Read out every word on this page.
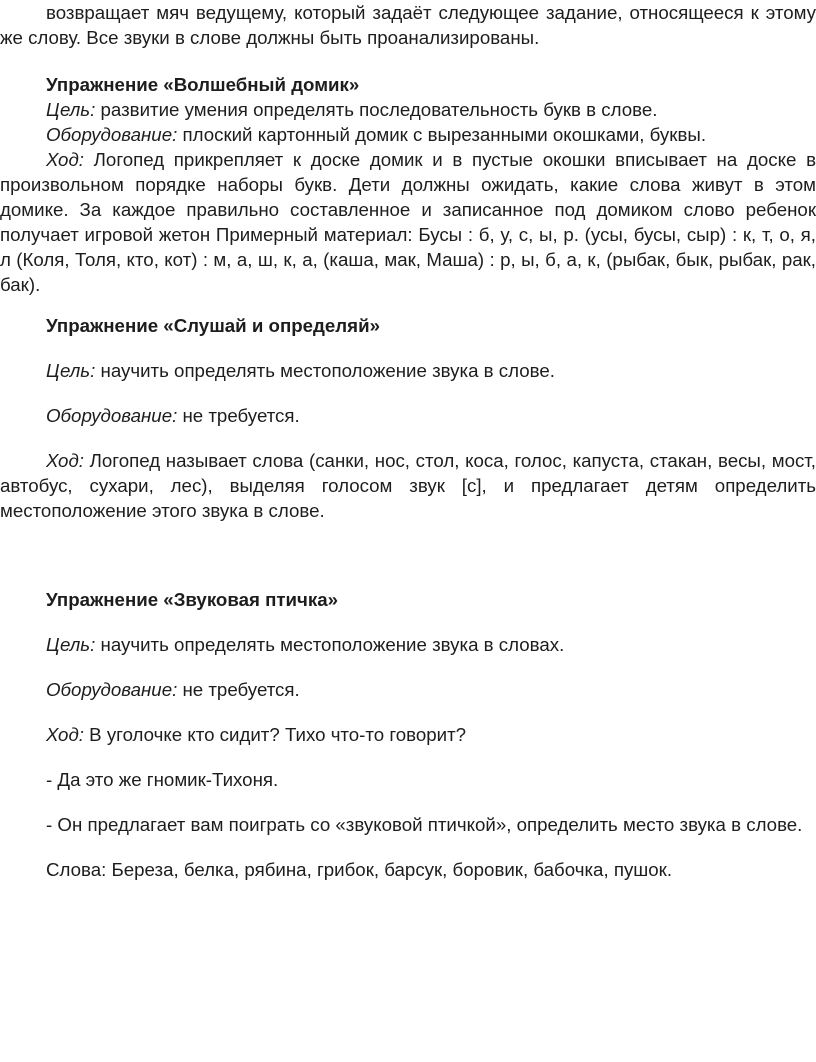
возвращает мяч ведущему, который задаёт следующее задание, относящееся к этому же слову. Все звуки в слове должны быть проанализированы.

Упражнение «Волшебный домик»

Цель: развитие умения определять последовательность букв в слове.

Оборудование: плоский картонный домик с вырезанными окошками, буквы.

Ход: Логопед прикрепляет к доске домик и в пустые окошки вписывает на доске в произвольном порядке наборы букв. Дети должны ожидать, какие слова живут в этом домике. За каждое правильно составленное и записанное под домиком слово ребенок получает игровой жетон Примерный материал: Бусы : б, у, с, ы, р. (усы, бусы, сыр) : к, т, о, я, л (Коля, Толя, кто, кот) : м, а, ш, к, а, (каша, мак, Маша) : р, ы, б, а, к, (рыбак, бык, рыбак, рак, бак).

Упражнение «Слушай и определяй»

Цель: научить определять местоположение звука в слове.

Оборудование: не требуется.

Ход: Логопед называет слова (санки, нос, стол, коса, голос, капуста, стакан, весы, мост, автобус, сухари, лес), выделяя голосом звук [с], и предлагает детям определить местоположение этого звука в слове.

Упражнение «Звуковая птичка»

Цель: научить определять местоположение звука в словах.

Оборудование: не требуется.

Ход: В уголочке кто сидит? Тихо что-то говорит?

- Да это же гномик-Тихоня.

- Он предлагает вам поиграть со «звуковой птичкой», определить место звука в слове.

Слова: Береза, белка, рябина, грибок, барсук, боровик, бабочка, пушок.
